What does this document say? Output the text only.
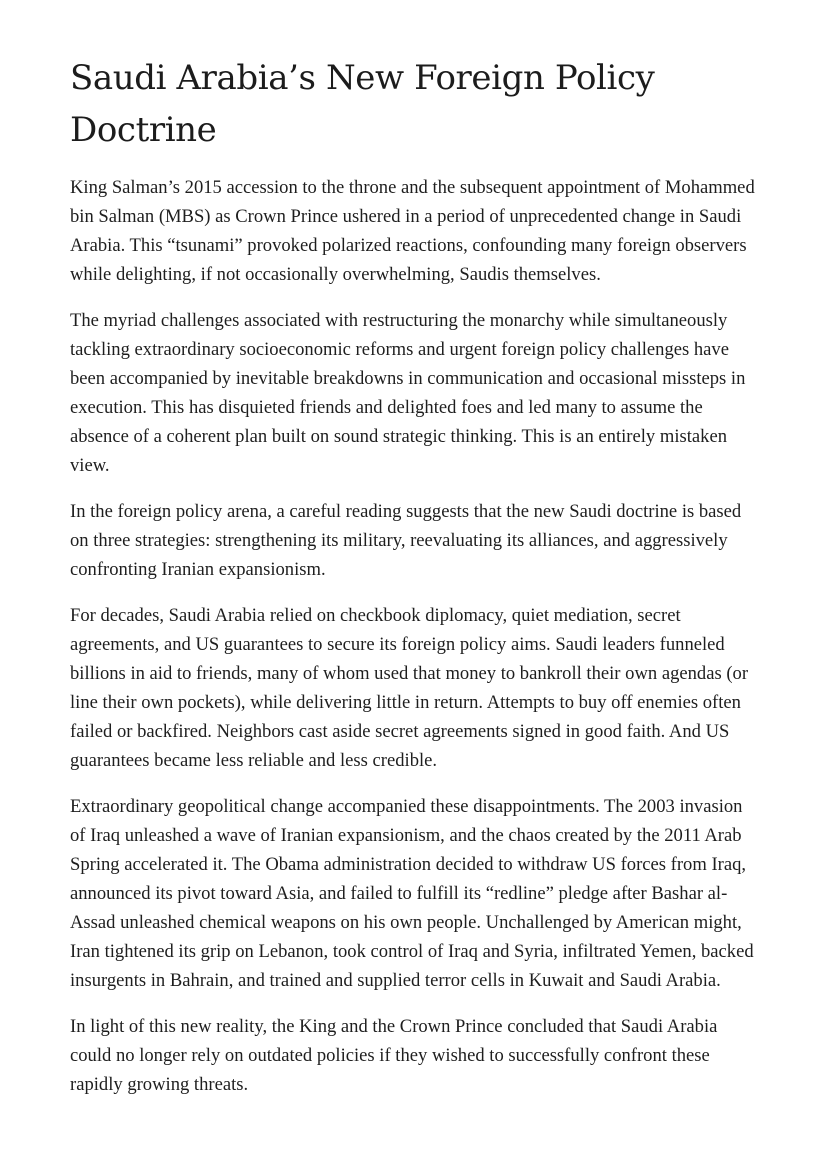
Saudi Arabia’s New Foreign Policy Doctrine

King Salman’s 2015 accession to the throne and the subsequent appointment of Mohammed bin Salman (MBS) as Crown Prince ushered in a period of unprecedented change in Saudi Arabia. This “tsunami” provoked polarized reactions, confounding many foreign observers while delighting, if not occasionally overwhelming, Saudis themselves.

The myriad challenges associated with restructuring the monarchy while simultaneously tackling extraordinary socioeconomic reforms and urgent foreign policy challenges have been accompanied by inevitable breakdowns in communication and occasional missteps in execution. This has disquieted friends and delighted foes and led many to assume the absence of a coherent plan built on sound strategic thinking. This is an entirely mistaken view.

In the foreign policy arena, a careful reading suggests that the new Saudi doctrine is based on three strategies: strengthening its military, reevaluating its alliances, and aggressively confronting Iranian expansionism.

For decades, Saudi Arabia relied on checkbook diplomacy, quiet mediation, secret agreements, and US guarantees to secure its foreign policy aims. Saudi leaders funneled billions in aid to friends, many of whom used that money to bankroll their own agendas (or line their own pockets), while delivering little in return. Attempts to buy off enemies often failed or backfired. Neighbors cast aside secret agreements signed in good faith. And US guarantees became less reliable and less credible.

Extraordinary geopolitical change accompanied these disappointments. The 2003 invasion of Iraq unleashed a wave of Iranian expansionism, and the chaos created by the 2011 Arab Spring accelerated it. The Obama administration decided to withdraw US forces from Iraq, announced its pivot toward Asia, and failed to fulfill its “redline” pledge after Bashar al-Assad unleashed chemical weapons on his own people. Unchallenged by American might, Iran tightened its grip on Lebanon, took control of Iraq and Syria, infiltrated Yemen, backed insurgents in Bahrain, and trained and supplied terror cells in Kuwait and Saudi Arabia.

In light of this new reality, the King and the Crown Prince concluded that Saudi Arabia could no longer rely on outdated policies if they wished to successfully confront these rapidly growing threats.
